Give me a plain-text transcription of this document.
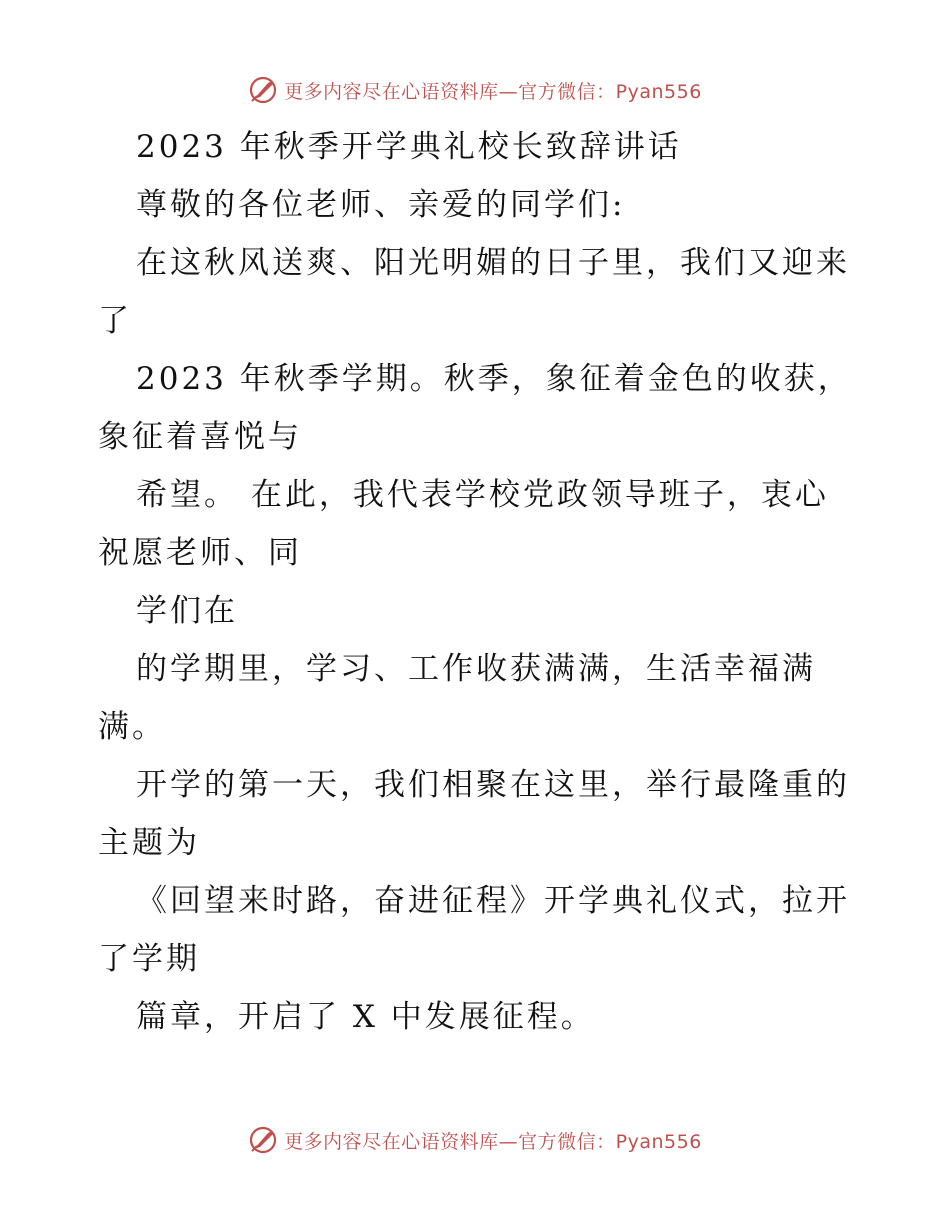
更多内容尽在心语资料库—官方微信：Pyan556

2023 年秋季开学典礼校长致辞讲话

尊敬的各位老师、亲爱的同学们:

在这秋风送爽、阳光明媚的日子里，我们又迎来了

2023 年秋季学期。秋季，象征着金色的收获，象征着喜悦与

希望。 在此，我代表学校党政领导班子，衷心祝愿老师、同

学们在

的学期里，学习、工作收获满满，生活幸福满满。

开学的第一天，我们相聚在这里，举行最隆重的主题为

《回望来时路，奋进征程》开学典礼仪式，拉开了学期

篇章，开启了 X 中发展征程。

更多内容尽在心语资料库—官方微信：Pyan556
